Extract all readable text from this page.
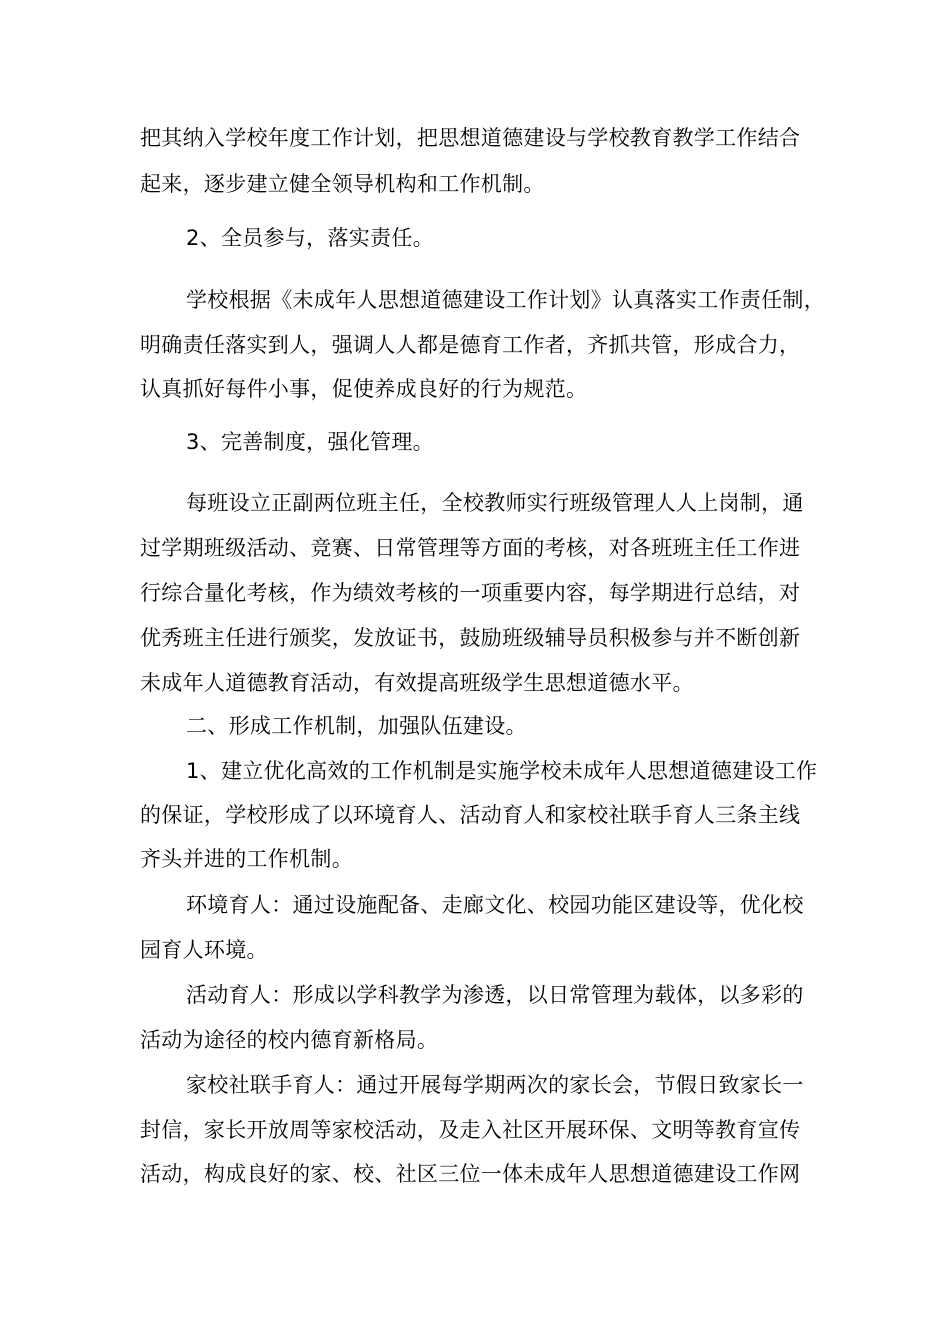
把其纳入学校年度工作计划，把思想道德建设与学校教育教学工作结合
起来，逐步建立健全领导机构和工作机制。
2、全员参与，落实责任。
学校根据《未成年人思想道德建设工作计划》认真落实工作责任制，
明确责任落实到人，强调人人都是德育工作者，齐抓共管，形成合力，
认真抓好每件小事，促使养成良好的行为规范。
3、完善制度，强化管理。
每班设立正副两位班主任，全校教师实行班级管理人人上岗制，通
过学期班级活动、竞赛、日常管理等方面的考核，对各班班主任工作进
行综合量化考核，作为绩效考核的一项重要内容，每学期进行总结，对
优秀班主任进行颁奖，发放证书，鼓励班级辅导员积极参与并不断创新
未成年人道德教育活动，有效提高班级学生思想道德水平。
二、形成工作机制，加强队伍建设。
1、建立优化高效的工作机制是实施学校未成年人思想道德建设工作
的保证，学校形成了以环境育人、活动育人和家校社联手育人三条主线
齐头并进的工作机制。
环境育人：通过设施配备、走廊文化、校园功能区建设等，优化校
园育人环境。
活动育人：形成以学科教学为渗透，以日常管理为载体，以多彩的
活动为途径的校内德育新格局。
家校社联手育人：通过开展每学期两次的家长会，节假日致家长一
封信，家长开放周等家校活动，及走入社区开展环保、文明等教育宣传
活动，构成良好的家、校、社区三位一体未成年人思想道德建设工作网
